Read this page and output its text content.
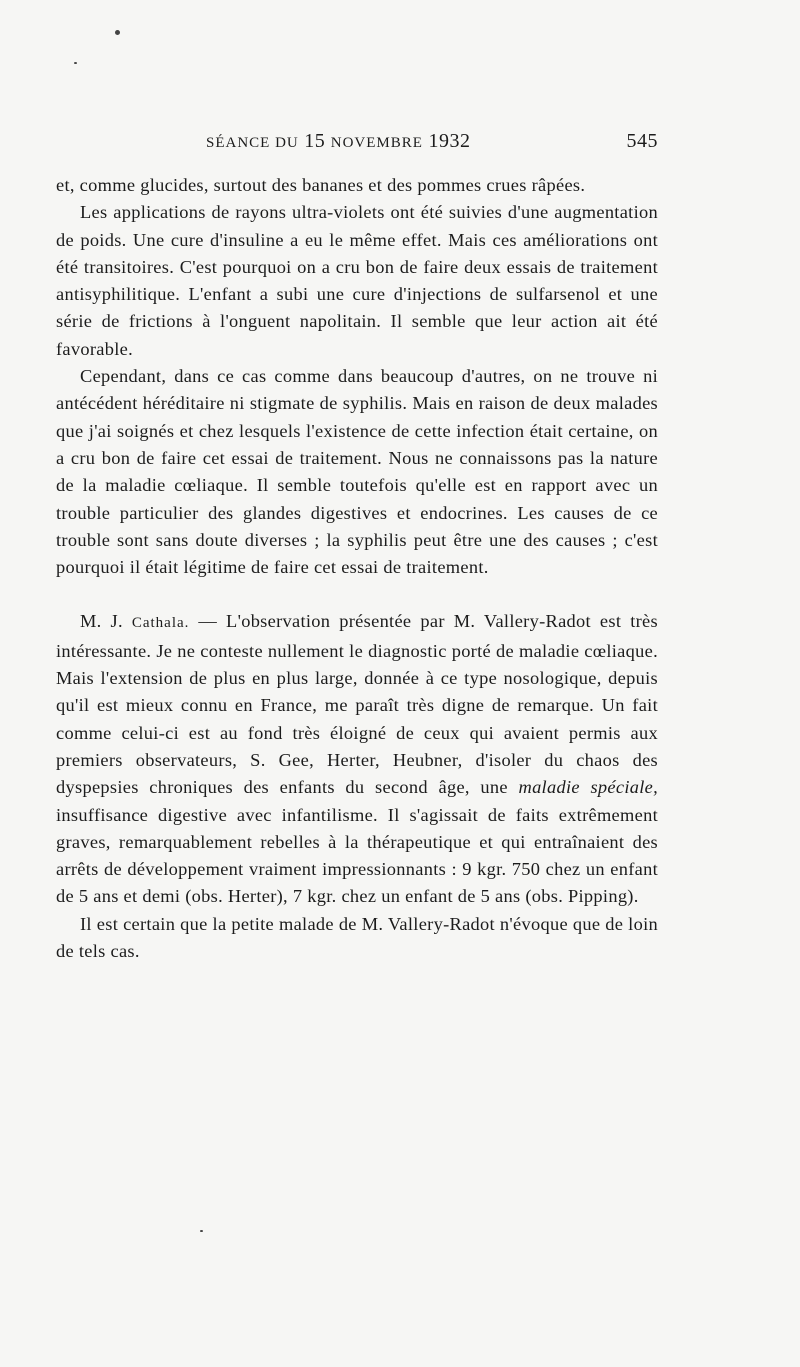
SÉANCE DU 15 NOVEMBRE 1932	545

et, comme glucides, surtout des bananes et des pommes crues râpées.

Les applications de rayons ultra-violets ont été suivies d'une augmentation de poids. Une cure d'insuline a eu le même effet. Mais ces améliorations ont été transitoires. C'est pourquoi on a cru bon de faire deux essais de traitement antisyphilitique. L'enfant a subi une cure d'injections de sulfarsenol et une série de frictions à l'onguent napolitain. Il semble que leur action ait été favorable.

Cependant, dans ce cas comme dans beaucoup d'autres, on ne trouve ni antécédent héréditaire ni stigmate de syphilis. Mais en raison de deux malades que j'ai soignés et chez lesquels l'existence de cette infection était certaine, on a cru bon de faire cet essai de traitement. Nous ne connaissons pas la nature de la maladie cœliaque. Il semble toutefois qu'elle est en rapport avec un trouble particulier des glandes digestives et endocrines. Les causes de ce trouble sont sans doute diverses ; la syphilis peut être une des causes ; c'est pourquoi il était légitime de faire cet essai de traitement.

M. J. Cathala. — L'observation présentée par M. Vallery-Radot est très intéressante. Je ne conteste nullement le diagnostic porté de maladie cœliaque. Mais l'extension de plus en plus large, donnée à ce type nosologique, depuis qu'il est mieux connu en France, me paraît très digne de remarque. Un fait comme celui-ci est au fond très éloigné de ceux qui avaient permis aux premiers observateurs, S. Gee, Herter, Heubner, d'isoler du chaos des dyspepsies chroniques des enfants du second âge, une maladie spéciale, insuffisance digestive avec infantilisme. Il s'agissait de faits extrêmement graves, remarquablement rebelles à la thérapeutique et qui entraînaient des arrêts de développement vraiment impressionnants : 9 kgr. 750 chez un enfant de 5 ans et demi (obs. Herter), 7 kgr. chez un enfant de 5 ans (obs. Pipping).

Il est certain que la petite malade de M. Vallery-Radot n'évoque que de loin de tels cas.
